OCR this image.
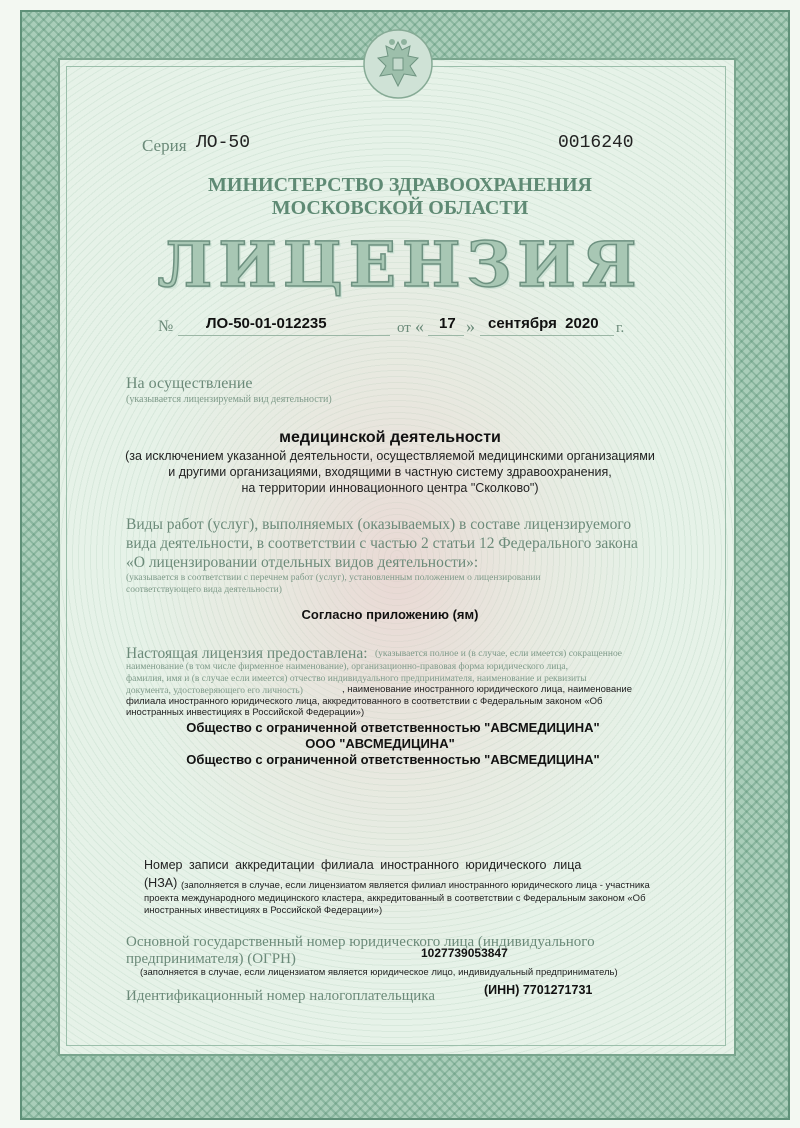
Серия ЛО-50	0016240

МИНИСТЕРСТВО ЗДРАВООХРАНЕНИЯ

МОСКОВСКОЙ ОБЛАСТИ

ЛИЦЕНЗИЯ

№ ЛО-50-01-012235	от « 17 » сентября  2020 г.

На осуществление

(указывается лицензируемый вид деятельности)

медицинской деятельности

(за исключением указанной деятельности, осуществляемой медицинскими организациями

и другими организациями, входящими в частную систему здравоохранения,

на территории инновационного центра "Сколково")

Виды работ (услуг), выполняемых (оказываемых) в составе лицензируемого

вида деятельности, в соответствии с частью 2 статьи 12 Федерального закона

«О лицензировании отдельных видов деятельности»:

(указывается в соответствии с перечнем работ (услуг), установленным положением о лицензировании

соответствующего вида деятельности)

Согласно приложению (ям)

Настоящая лицензия предоставлена: (указывается полное и (в случае, если имеется) сокращенное

наименование (в том числе фирменное наименование), организационно-правовая форма юридического лица,

фамилия, имя и (в случае если имеется) отчество индивидуального предпринимателя, наименование и реквизиты

документа, удостоверяющего его личность)	, наименование иностранного юридического лица, наименование

филиала иностранного юридического лица, аккредитованного в соответствии с Федеральным законом «Об

иностранных инвестициях в Российской Федерации»)

Общество с ограниченной ответственностью "АВСМЕДИЦИНА"

ООО "АВСМЕДИЦИНА"

Общество с ограниченной ответственностью "АВСМЕДИЦИНА"

Номер записи аккредитации филиала иностранного юридического лица

(НЗА) (заполняется в случае, если лицензиатом является филиал иностранного юридического лица - участника

проекта международного медицинского кластера, аккредитованный в соответствии с Федеральным законом «Об

иностранных инвестициях в Российской Федерации»)

Основной государственный номер юридического лица (индивидуального

предпринимателя) (ОГРН)	1027739053847

(заполняется в случае, если лицензиатом является юридическое лицо, индивидуальный предприниматель)

Идентификационный номер налогоплательщика	(ИНН) 7701271731
